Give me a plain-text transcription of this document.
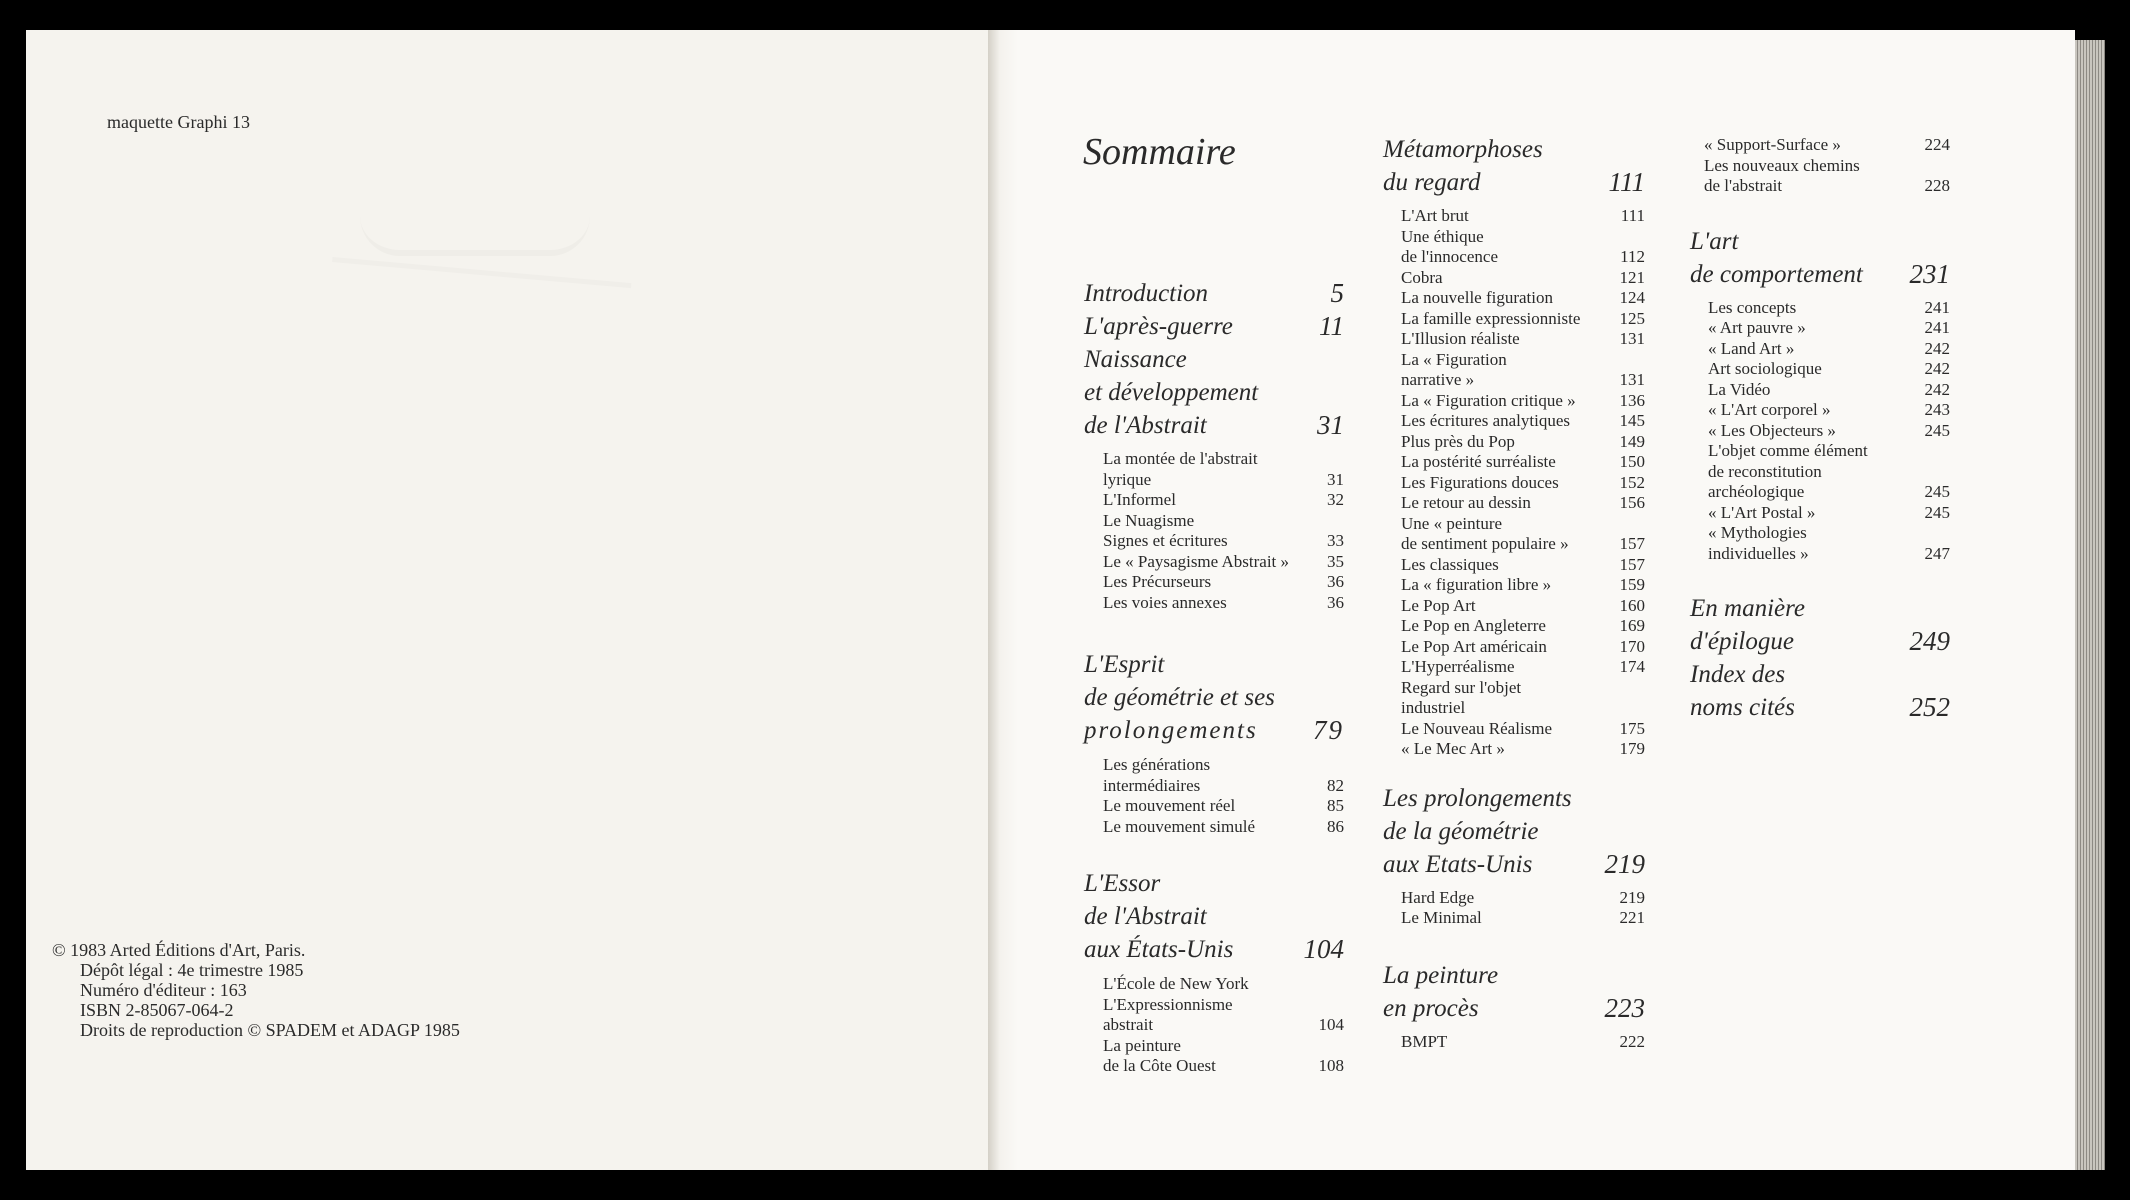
maquette Graphi 13
© 1983 Arted Éditions d'Art, Paris.
Dépôt légal : 4e trimestre 1985
Numéro d'éditeur : 163
ISBN 2-85067-064-2
Droits de reproduction © SPADEM et ADAGP 1985
Sommaire
Introduction	5
L'après-guerre	11
Naissance
et développement
de l'Abstrait	31
La montée de l'abstrait
lyrique	31
L'Informel	32
Le Nuagisme
Signes et écritures	33
Le « Paysagisme Abstrait » 35
Les Précurseurs	36
Les voies annexes	36
L'Esprit
de géométrie et ses
prolongements 79
Les générations
intermédiaires	82
Le mouvement réel	85
Le mouvement simulé	86
L'Essor
de l'Abstrait
aux États-Unis	104
L'École de New York
L'Expressionnisme
abstrait	104
La peinture
de la Côte Ouest	108
Métamorphoses
du regard	111
L'Art brut	111
Une éthique
de l'innocence	112
Cobra	121
La nouvelle figuration	124
La famille expressionniste 125
L'Illusion réaliste	131
La « Figuration
narrative »	131
La « Figuration critique »	136
Les écritures analytiques	145
Plus près du Pop	149
La postérité surréaliste	150
Les Figurations douces	152
Le retour au dessin	156
Une « peinture
de sentiment populaire »	157
Les classiques	157
La « figuration libre »	159
Le Pop Art	160
Le Pop en Angleterre	169
Le Pop Art américain	170
L'Hyperréalisme	174
Regard sur l'objet
industriel
Le Nouveau Réalisme	175
« Le Mec Art »	179
Les prolongements
de la géométrie
aux Etats-Unis	219
Hard Edge	219
Le Minimal	221
La peinture
en procès	223
BMPT	222
« Support-Surface »	224
Les nouveaux chemins
de l'abstrait	228
L'art
de comportement 231
Les concepts	241
« Art pauvre »	241
« Land Art »	242
Art sociologique	242
La Vidéo	242
« L'Art corporel »	243
« Les Objecteurs »	245
L'objet comme élément
de reconstitution
archéologique	245
« L'Art Postal »	245
« Mythologies
individuelles »	247
En manière
d'épilogue	249
Index des
noms cités	252
